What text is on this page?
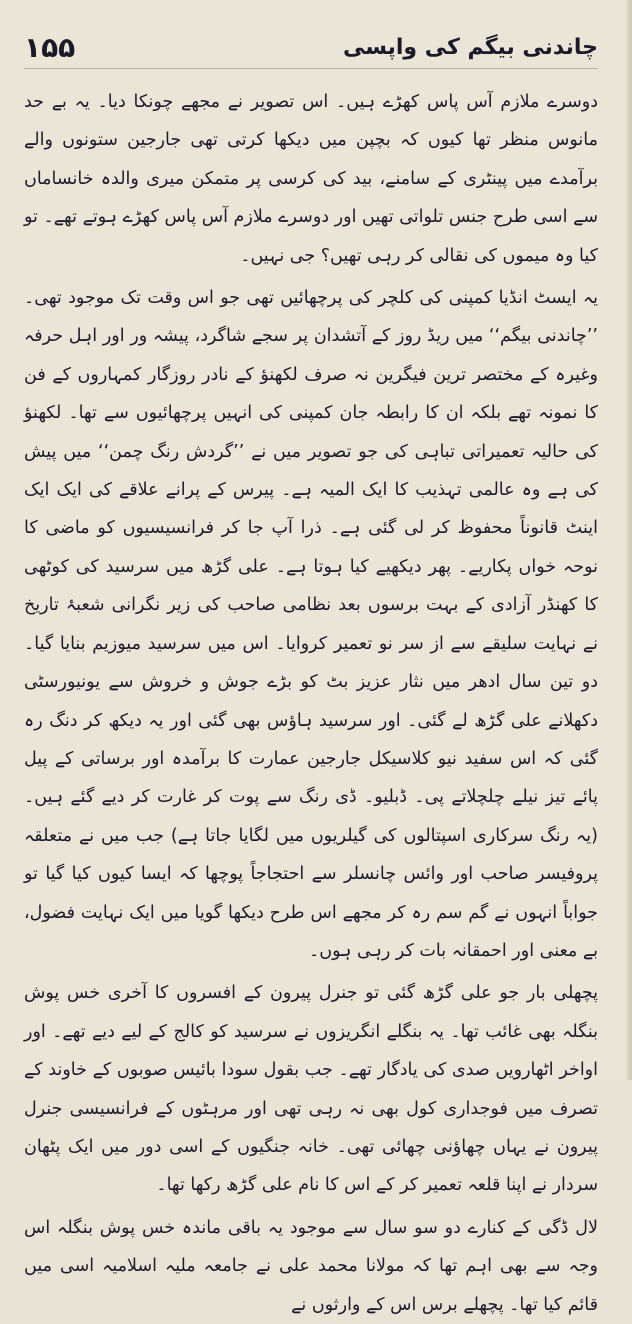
۱۵۵	چاندنی بیگم کی واپسی

دوسرے ملازم آس پاس کھڑے ہیں۔ اس تصویر نے مجھے چونکا دیا۔ یہ بے حد مانوس منظر تھا کیوں کہ بچپن میں دیکھا کرتی تھی جارجین ستونوں والے برآمدے میں پینٹری کے سامنے، بید کی کرسی پر متمکن میری والدہ خانساماں سے اسی طرح جنس تلواتی تھیں اور دوسرے ملازم آس پاس کھڑے ہوتے تھے۔ تو کیا وہ میموں کی نقالی کر رہی تھیں؟ جی نہیں۔

یہ ایسٹ انڈیا کمپنی کی کلچر کی پرچھائیں تھی جو اس وقت تک موجود تھی۔ ’’چاندنی بیگم‘‘ میں ریڈ روز کے آتشدان پر سجے شاگرد، پیشہ ور اور اہل حرفہ وغیرہ کے مختصر ترین فیگرین نہ صرف لکھنؤ کے نادر روزگار کمہاروں کے فن کا نمونہ تھے بلکہ ان کا رابطہ جان کمپنی کی انہیں پرچھائیوں سے تھا۔ لکھنؤ کی حالیہ تعمیراتی تباہی کی جو تصویر میں نے ’’گردش رنگ چمن‘‘ میں پیش کی ہے وہ عالمی تہذیب کا ایک المیہ ہے۔ پیرس کے پرانے علاقے کی ایک ایک اینٹ قانوناً محفوظ کر لی گئی ہے۔ ذرا آپ جا کر فرانسیسیوں کو ماضی کا نوحہ خواں پکاریے۔ پھر دیکھیے کیا ہوتا ہے۔ علی گڑھ میں سرسید کی کوٹھی کا کھنڈر آزادی کے بہت برسوں بعد نظامی صاحب کی زیر نگرانی شعبۂ تاریخ نے نہایت سلیقے سے از سر نو تعمیر کروایا۔ اس میں سرسید میوزیم بنایا گیا۔ دو تین سال ادھر میں نثار عزیز بٹ کو بڑے جوش و خروش سے یونیورسٹی دکھلانے علی گڑھ لے گئی۔ اور سرسید ہاؤس بھی گئی اور یہ دیکھ کر دنگ رہ گئی کہ اس سفید نیو کلاسیکل جارجین عمارت کا برآمدہ اور برساتی کے پیل پائے تیز نیلے چلچلاتے پی۔ ڈبلیو۔ ڈی رنگ سے پوت کر غارت کر دیے گئے ہیں۔ (یہ رنگ سرکاری اسپتالوں کی گیلریوں میں لگایا جاتا ہے) جب میں نے متعلقہ پروفیسر صاحب اور وائس چانسلر سے احتجاجاً پوچھا کہ ایسا کیوں کیا گیا تو جواباً انہوں نے گم سم رہ کر مجھے اس طرح دیکھا گویا میں ایک نہایت فضول، بے معنی اور احمقانہ بات کر رہی ہوں۔

پچھلی بار جو علی گڑھ گئی تو جنرل پیرون کے افسروں کا آخری خس پوش بنگلہ بھی غائب تھا۔ یہ بنگلے انگریزوں نے سرسید کو کالج کے لیے دیے تھے۔ اور اواخر اٹھارویں صدی کی یادگار تھے۔ جب بقول سودا بائیس صوبوں کے خاوند کے تصرف میں فوجداری کول بھی نہ رہی تھی اور مرہٹوں کے فرانسیسی جنرل پیرون نے یہاں چھاؤنی چھائی تھی۔ خانہ جنگیوں کے اسی دور میں ایک پٹھان سردار نے اپنا قلعہ تعمیر کر کے اس کا نام علی گڑھ رکھا تھا۔

لال ڈگی کے کنارے دو سو سال سے موجود یہ باقی ماندہ خس پوش بنگلہ اس وجہ سے بھی اہم تھا کہ مولانا محمد علی نے جامعہ ملیہ اسلامیہ اسی میں قائم کیا تھا۔ پچھلے برس اس کے وارثوں نے
